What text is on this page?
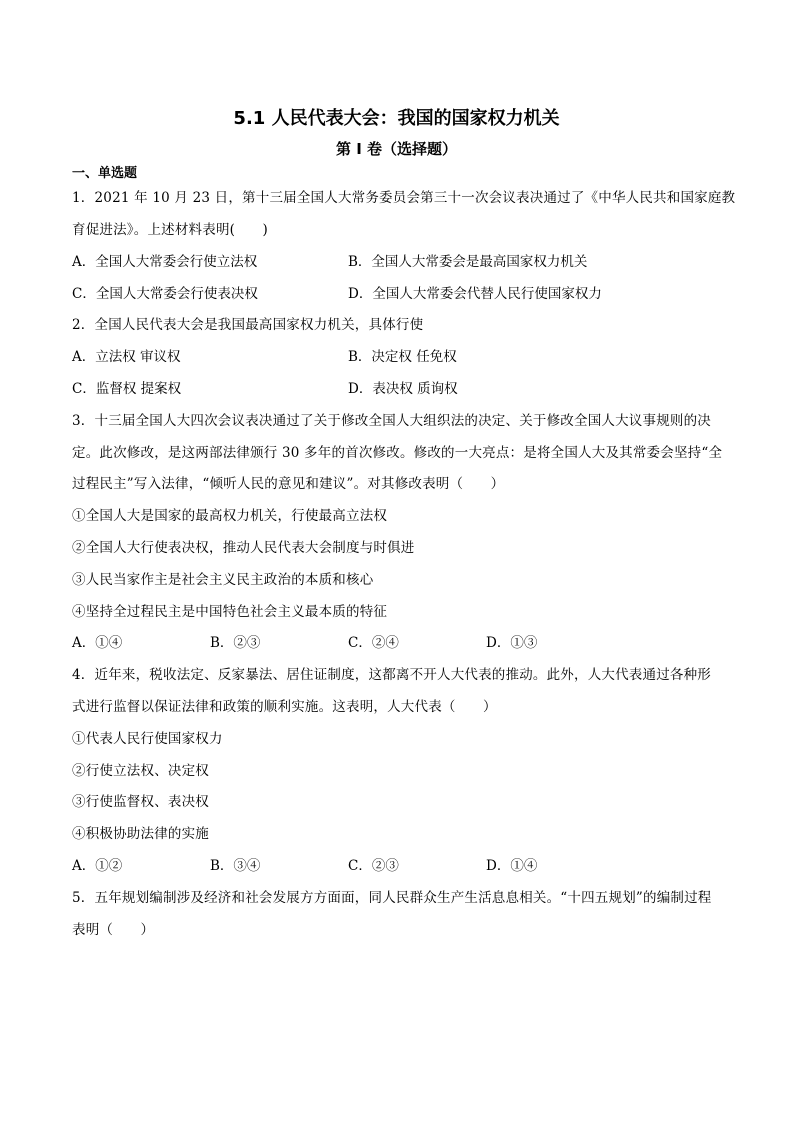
5.1 人民代表大会：我国的国家权力机关
第 I 卷（选择题）
一、单选题
1．2021 年 10 月 23 日，第十三届全国人大常务委员会第三十一次会议表决通过了《中华人民共和国家庭教
育促进法》。上述材料表明(　　)
A．全国人大常委会行使立法权	B．全国人大常委会是最高国家权力机关
C．全国人大常委会行使表决权	D．全国人大常委会代替人民行使国家权力
2．全国人民代表大会是我国最高国家权力机关，具体行使
A．立法权 审议权	B．决定权 任免权
C．监督权 提案权	D．表决权 质询权
3．十三届全国人大四次会议表决通过了关于修改全国人大组织法的决定、关于修改全国人大议事规则的决
定。此次修改，是这两部法律颁行 30 多年的首次修改。修改的一大亮点：是将全国人大及其常委会坚持“全
过程民主”写入法律，“倾听人民的意见和建议”。对其修改表明（　　）
①全国人大是国家的最高权力机关，行使最高立法权
②全国人大行使表决权，推动人民代表大会制度与时俱进
③人民当家作主是社会主义民主政治的本质和核心
④坚持全过程民主是中国特色社会主义最本质的特征
A．①④	B．②③	C．②④	D．①③
4．近年来，税收法定、反家暴法、居住证制度，这都离不开人大代表的推动。此外，人大代表通过各种形
式进行监督以保证法律和政策的顺利实施。这表明，人大代表（　　）
①代表人民行使国家权力
②行使立法权、决定权
③行使监督权、表决权
④积极协助法律的实施
A．①②	B．③④	C．②③	D．①④
5．五年规划编制涉及经济和社会发展方方面面，同人民群众生产生活息息相关。“十四五规划”的编制过程
表明（　　）
